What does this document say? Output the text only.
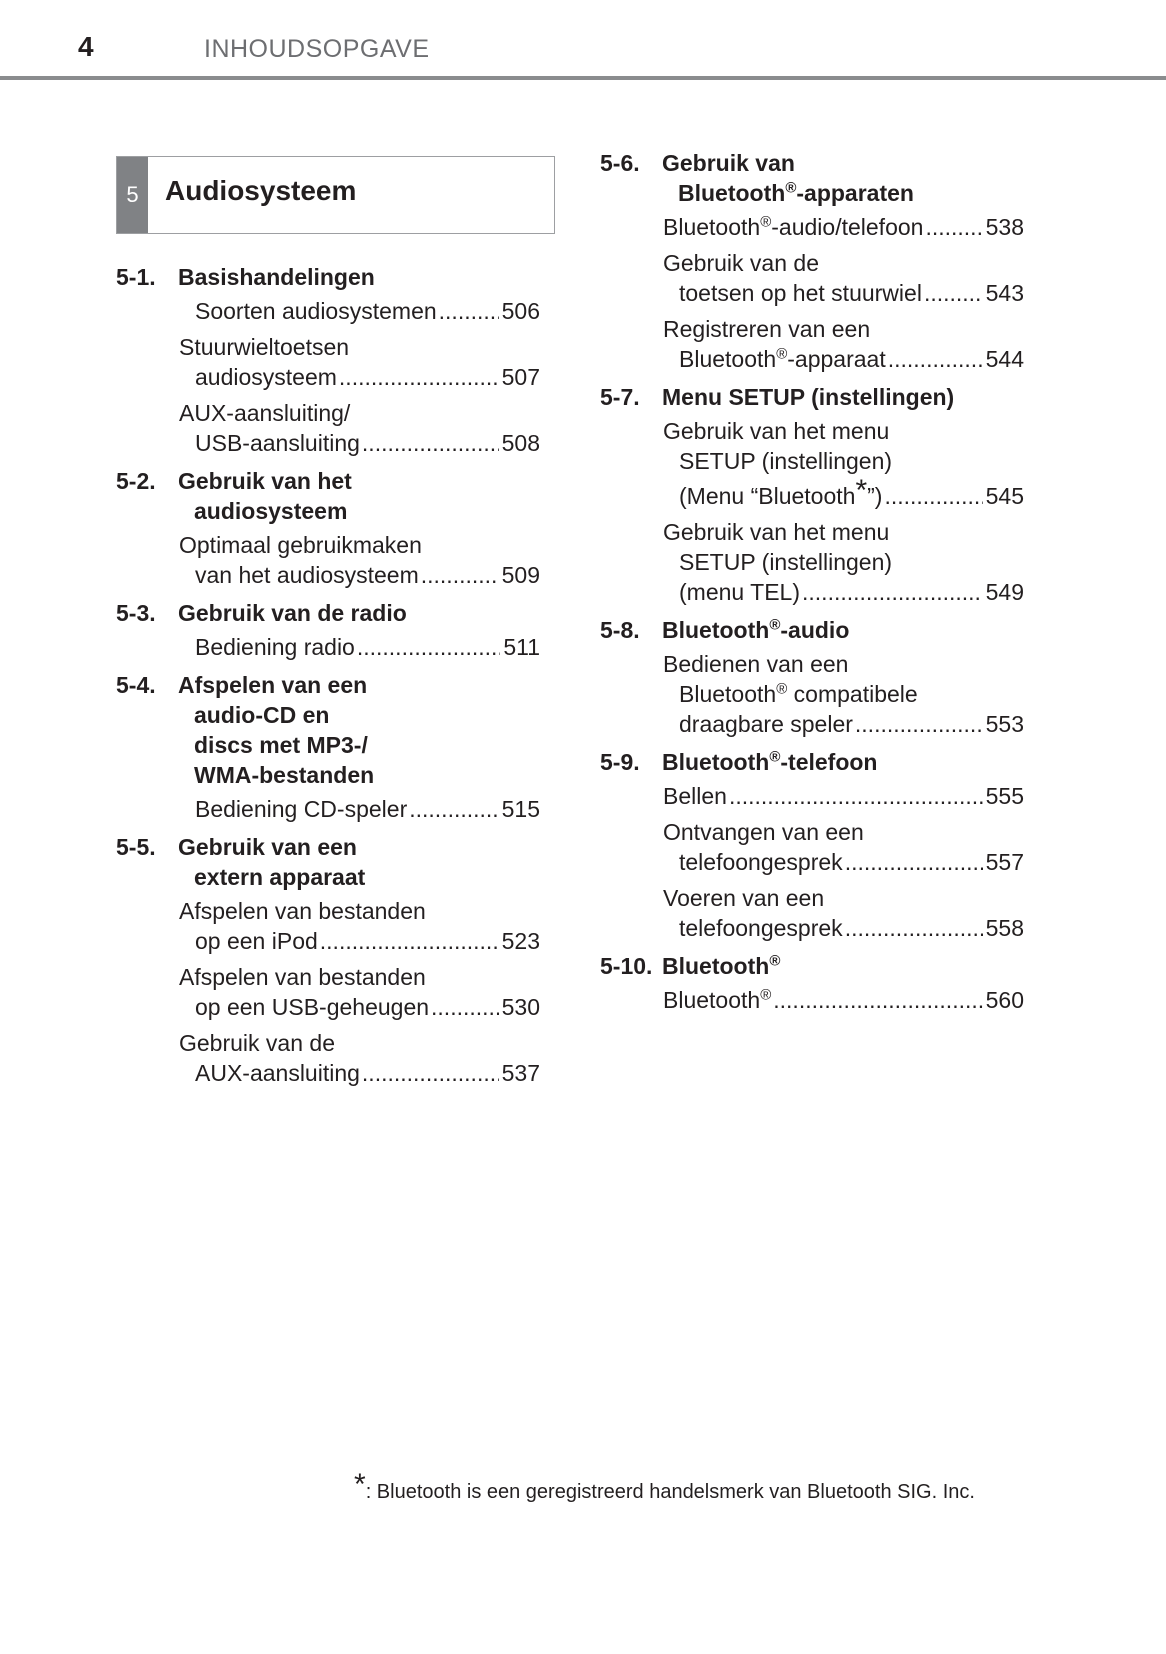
4	INHOUDSOPGAVE
5 Audiosysteem
5-1. Basishandelingen
Soorten audiosystemen .....	506
Stuurwieltoetsen
audiosysteem .....	507
AUX-aansluiting/
USB-aansluiting .....	508
5-2. Gebruik van het
audiosysteem
Optimaal gebruikmaken
van het audiosysteem .....	509
5-3. Gebruik van de radio
Bediening radio .....	511
5-4. Afspelen van een
audio-CD en
discs met MP3-/
WMA-bestanden
Bediening CD-speler .....	515
5-5. Gebruik van een
extern apparaat
Afspelen van bestanden
op een iPod .....	523
Afspelen van bestanden
op een USB-geheugen .....	530
Gebruik van de
AUX-aansluiting .....	537
5-6. Gebruik van
Bluetooth®-apparaten
Bluetooth®-audio/telefoon .....	538
Gebruik van de
toetsen op het stuurwiel .....	543
Registreren van een
Bluetooth®-apparaat .....	544
5-7. Menu SETUP (instellingen)
Gebruik van het menu
SETUP (instellingen)
(Menu “Bluetooth*”) .....	545
Gebruik van het menu
SETUP (instellingen)
(menu TEL) .....	549
5-8. Bluetooth®-audio
Bedienen van een
Bluetooth® compatibele
draagbare speler .....	553
5-9. Bluetooth®-telefoon
Bellen .....	555
Ontvangen van een
telefoongesprek .....	557
Voeren van een
telefoongesprek .....	558
5-10. Bluetooth®
Bluetooth® .....	560
*: Bluetooth is een geregistreerd handelsmerk van Bluetooth SIG. Inc.
